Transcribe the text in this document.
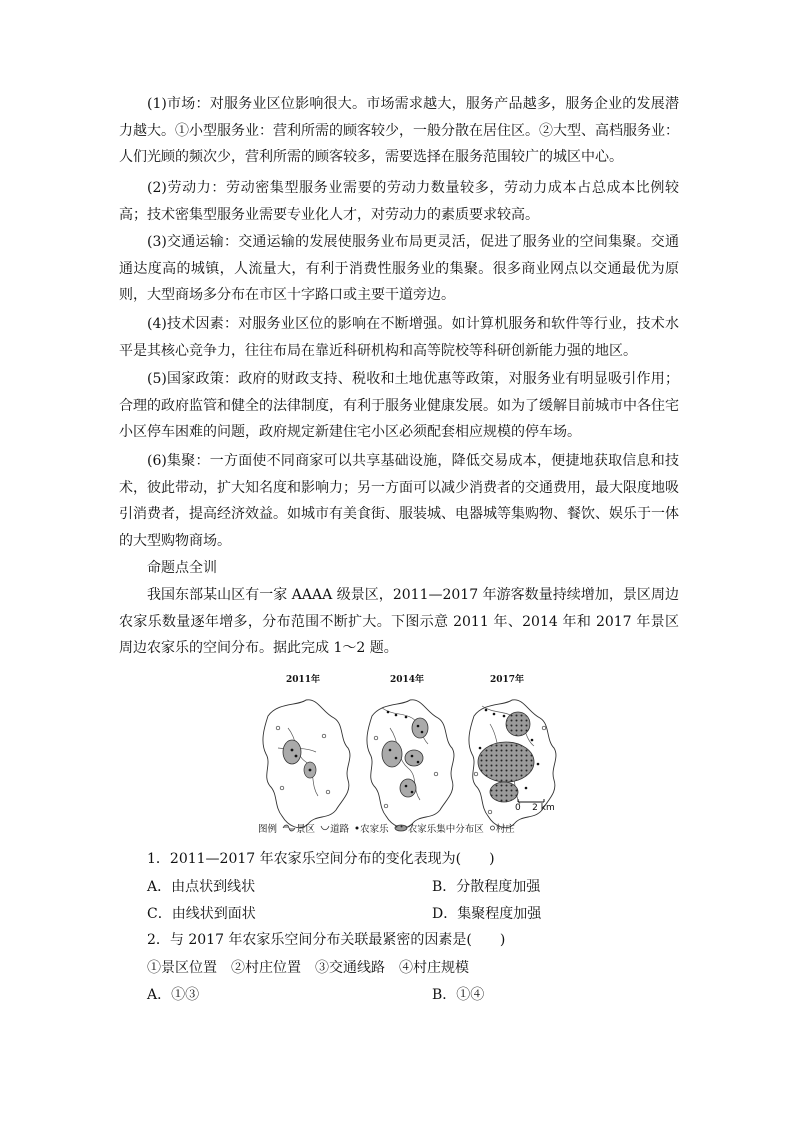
(1)市场：对服务业区位影响很大。市场需求越大，服务产品越多，服务企业的发展潜力越大。①小型服务业：营利所需的顾客较少，一般分散在居住区。②大型、高档服务业：人们光顾的频次少，营利所需的顾客较多，需要选择在服务范围较广的城区中心。

(2)劳动力：劳动密集型服务业需要的劳动力数量较多，劳动力成本占总成本比例较高；技术密集型服务业需要专业化人才，对劳动力的素质要求较高。

(3)交通运输：交通运输的发展使服务业布局更灵活，促进了服务业的空间集聚。交通通达度高的城镇，人流量大，有利于消费性服务业的集聚。很多商业网点以交通最优为原则，大型商场多分布在市区十字路口或主要干道旁边。

(4)技术因素：对服务业区位的影响在不断增强。如计算机服务和软件等行业，技术水平是其核心竞争力，往往布局在靠近科研机构和高等院校等科研创新能力强的地区。

(5)国家政策：政府的财政支持、税收和土地优惠等政策，对服务业有明显吸引作用；合理的政府监管和健全的法律制度，有利于服务业健康发展。如为了缓解目前城市中各住宅小区停车困难的问题，政府规定新建住宅小区必须配套相应规模的停车场。

(6)集聚：一方面使不同商家可以共享基础设施，降低交易成本，便捷地获取信息和技术，彼此带动，扩大知名度和影响力；另一方面可以减少消费者的交通费用，最大限度地吸引消费者，提高经济效益。如城市有美食街、服装城、电器城等集购物、餐饮、娱乐于一体的大型购物商场。

命题点全训

我国东部某山区有一家 AAAA 级景区，2011—2017 年游客数量持续增加，景区周边农家乐数量逐年增多，分布范围不断扩大。下图示意 2011 年、2014 年和 2017 年景区周边农家乐的空间分布。据此完成 1～2 题。

2011年	2014年	2017年
0    2 km
图例 景区 道路 农家乐 农家乐集中分布区 村庄

1．2011—2017 年农家乐空间分布的变化表现为(　　)

A．由点状到线状	B．分散程度加强

C．由线状到面状	D．集聚程度加强

2．与 2017 年农家乐空间分布关联最紧密的因素是(　　)

①景区位置　②村庄位置　③交通线路　④村庄规模

A．①③	B．①④
